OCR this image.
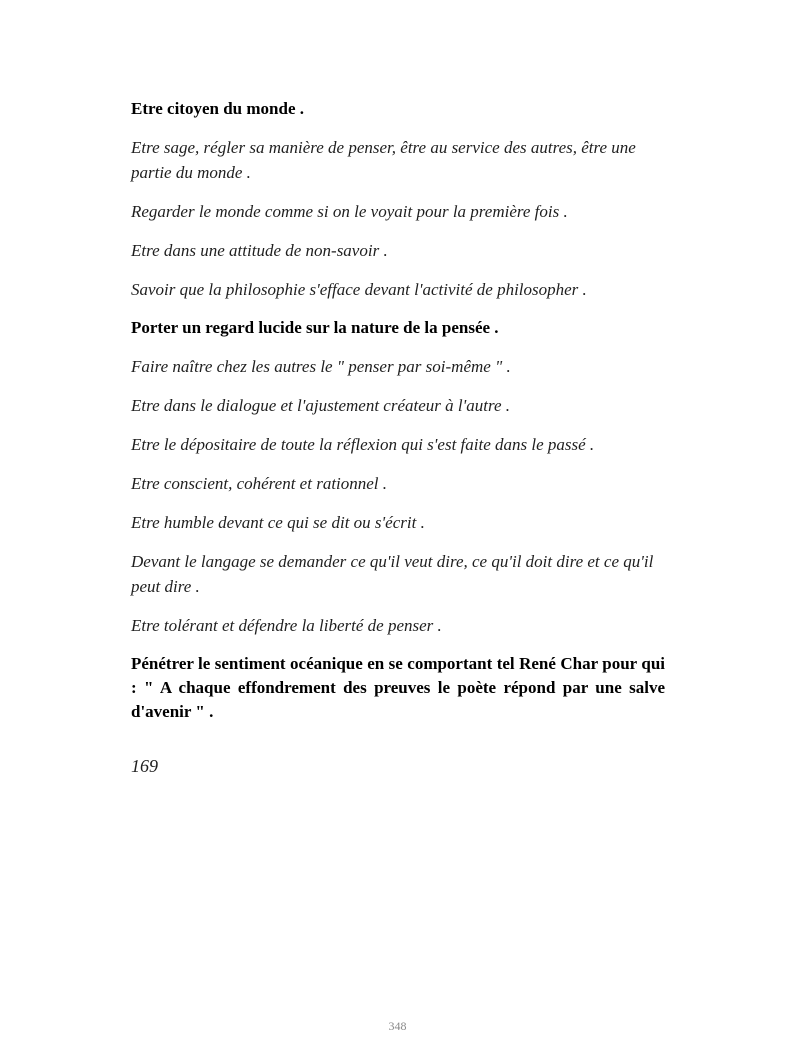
Etre citoyen du monde .

Etre sage, régler sa manière de penser, être au service des autres, être une partie du monde .

Regarder le monde comme si on le voyait pour la première fois .

Etre dans une attitude de non-savoir .

Savoir que la philosophie s'efface devant l'activité de philosopher .

Porter un regard lucide sur la nature de la pensée .

Faire naître chez les autres le " penser par soi-même " .

Etre dans le dialogue et l'ajustement créateur à l'autre .

Etre le dépositaire de toute la réflexion qui s'est faite dans le passé .

Etre conscient, cohérent et rationnel .

Etre humble devant ce qui se dit ou s'écrit .

Devant le langage se demander ce qu'il veut dire, ce qu'il doit dire et ce qu'il peut dire .

Etre tolérant et défendre la liberté de penser .

Pénétrer le sentiment océanique en se comportant tel René Char pour qui : " A chaque effondrement des preuves le poète répond par une salve d'avenir " .

169
348
